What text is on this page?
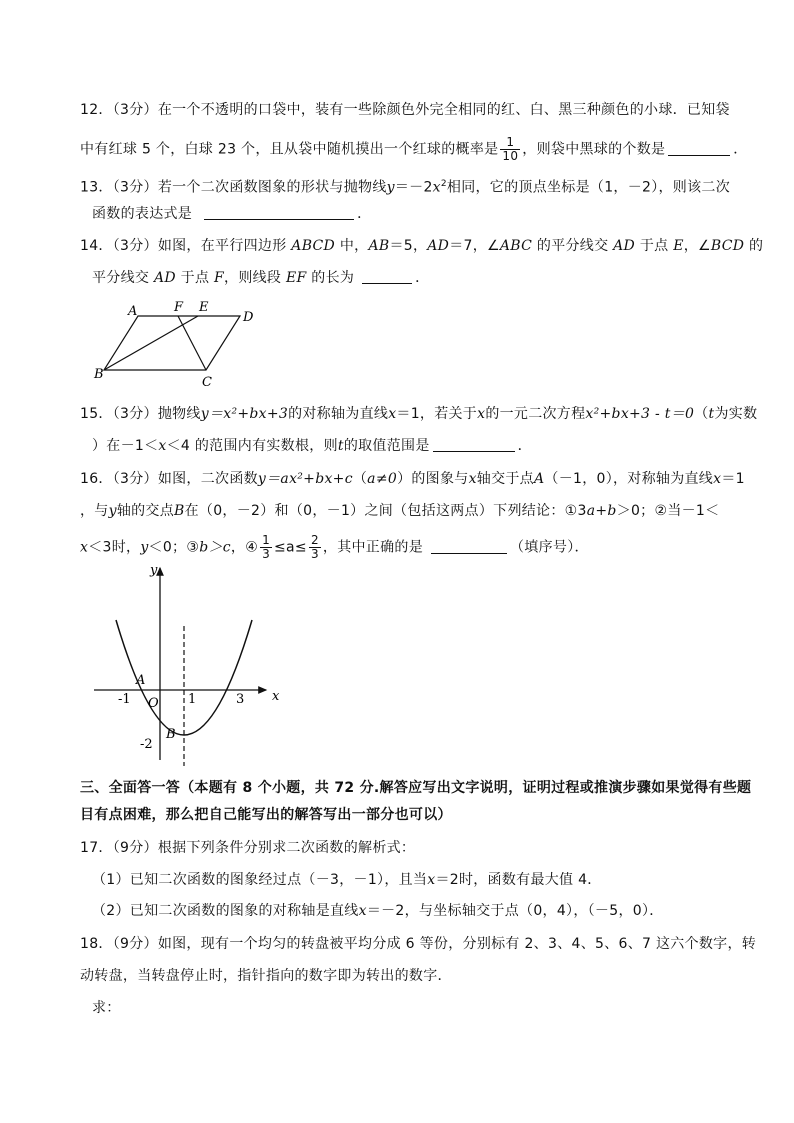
12．（3分）在一个不透明的口袋中，装有一些除颜色外完全相同的红、白、黑三种颜色的小球．已知袋
中有红球 5 个，白球 23 个，且从袋中随机摸出一个红球的概率是 $\frac{1}{10}$ ，则袋中黑球的个数是	．
13．（3分）若一个二次函数图象的形状与抛物线$y=-2x^2$相同，它的顶点坐标是（1，－2），则该二次
函数的表达式是	．
14．（3分）如图，在平行四边形 ABCD 中，AB＝5，AD＝7，∠ABC 的平分线交 AD 于点 E，∠BCD 的
平分线交 AD 于点 F，则线段 EF 的长为	．
A	F E
D
B
C
15．（3分）抛物线y＝x²+bx+3的对称轴为直线x＝1，若关于x的一元二次方程x²+bx+3 - t＝0（t为实数
）在－1＜x＜4 的范围内有实数根，则t的取值范围是	．
16．（3分）如图，二次函数y＝ax²+bx+c（a≠0）的图象与x轴交于点A（－1，0），对称轴为直线x＝1
，与y轴的交点B在（0，－2）和（0，－1）之间（包括这两点）下列结论：①3a+b＞0；②当－1＜
x＜3时，y＜0；③b＞c，④ $\frac{1}{3} \le a\le \frac{2}{3}$ ，其中正确的是	（填序号）．
y
x
A
O
B
-1	1	3
-2
三、全面答一答（本题有 8 个小题，共 72 分.解答应写出文字说明，证明过程或推演步骤如果觉得有些题
目有点困难，那么把自己能写出的解答写出一部分也可以）
17．（9分）根据下列条件分别求二次函数的解析式：
（1）已知二次函数的图象经过点（－3，－1），且当x＝2时，函数有最大值 4．
（2）已知二次函数的图象的对称轴是直线x＝－2，与坐标轴交于点（0，4），（－5，0）．
18．（9分）如图，现有一个均匀的转盘被平均分成 6 等份，分别标有 2、3、4、5、6、7 这六个数字，转
动转盘，当转盘停止时，指针指向的数字即为转出的数字．
求：
